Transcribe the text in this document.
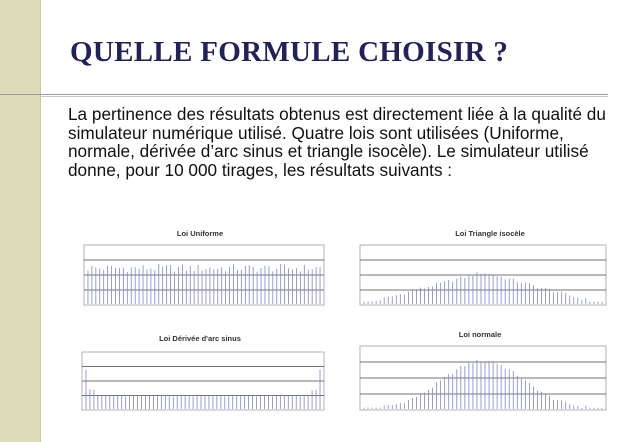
QUELLE FORMULE CHOISIR ?

La pertinence des résultats obtenus est directement liée à la qualité du simulateur numérique utilisé. Quatre lois sont utilisées (Uniforme, normale, dérivée d’arc sinus et triangle isocèle). Le simulateur utilisé donne, pour 10 000 tirages, les résultats suivants :

Loi Uniforme	Loi Triangle isocèle
Loi Dérivée d'arc sinus	Loi normale
